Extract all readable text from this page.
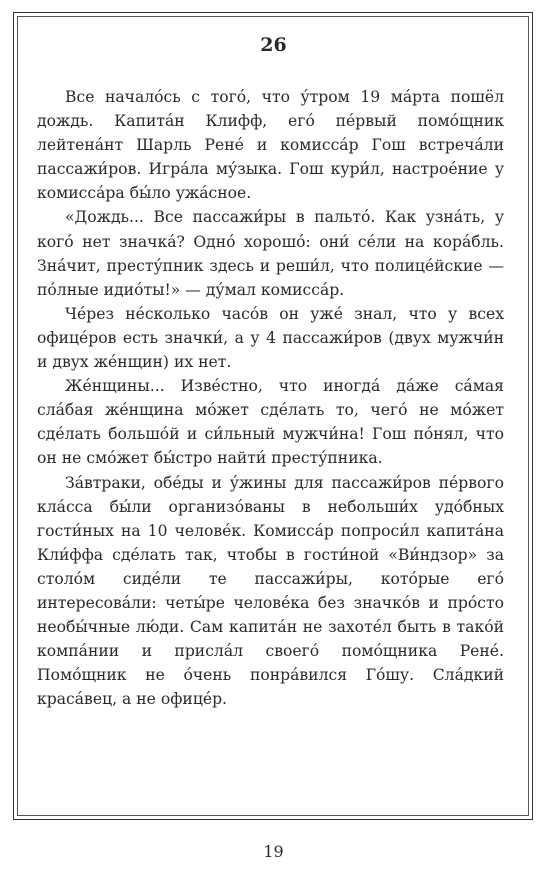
26

Все начало́сь с того́, что у́тром 19 ма́рта пошёл дождь. Капита́н Клифф, его́ пе́рвый помо́щник лейтена́нт Шарль Рене́ и комисса́р Гош встреча́ли пассажи́ров. Игра́ла му́зыка. Гош кури́л, настрое́ние у комисса́ра бы́ло ужа́сное.

«Дождь... Все пассажи́ры в пальто́. Как узна́ть, у кого́ нет значка́? Одно́ хорошо́: они́ се́ли на кора́бль. Зна́чит, престу́пник здесь и реши́л, что полице́йские — по́лные идио́ты!» — ду́мал комисса́р.

Че́рез не́сколько часо́в он уже́ знал, что у всех офице́ров есть значки́, а у 4 пассажи́ров (двух мужчи́н и двух же́нщин) их нет.

Же́нщины... Изве́стно, что иногда́ да́же са́мая сла́бая же́нщина мо́жет сде́лать то, чего́ не мо́жет сде́лать большо́й и си́льный мужчи́на! Гош по́нял, что он не смо́жет бы́стро найти́ престу́пника.

За́втраки, обе́ды и у́жины для пассажи́ров пе́рвого кла́сса бы́ли организо́ваны в небольши́х удо́бных гости́ных на 10 челове́к. Комисса́р попроси́л капита́на Кли́ффа сде́лать так, чтобы в гости́ной «Ви́ндзор» за столо́м сиде́ли те пассажи́ры, кото́рые его́ интересова́ли: четы́ре челове́ка без значко́в и про́сто необы́чные лю́ди. Сам капита́н не захоте́л быть в тако́й компа́нии и присла́л своего́ помо́щника Рене́. Помо́щник не о́чень понра́вился Го́шу. Сла́дкий краса́вец, а не офице́р.

19
